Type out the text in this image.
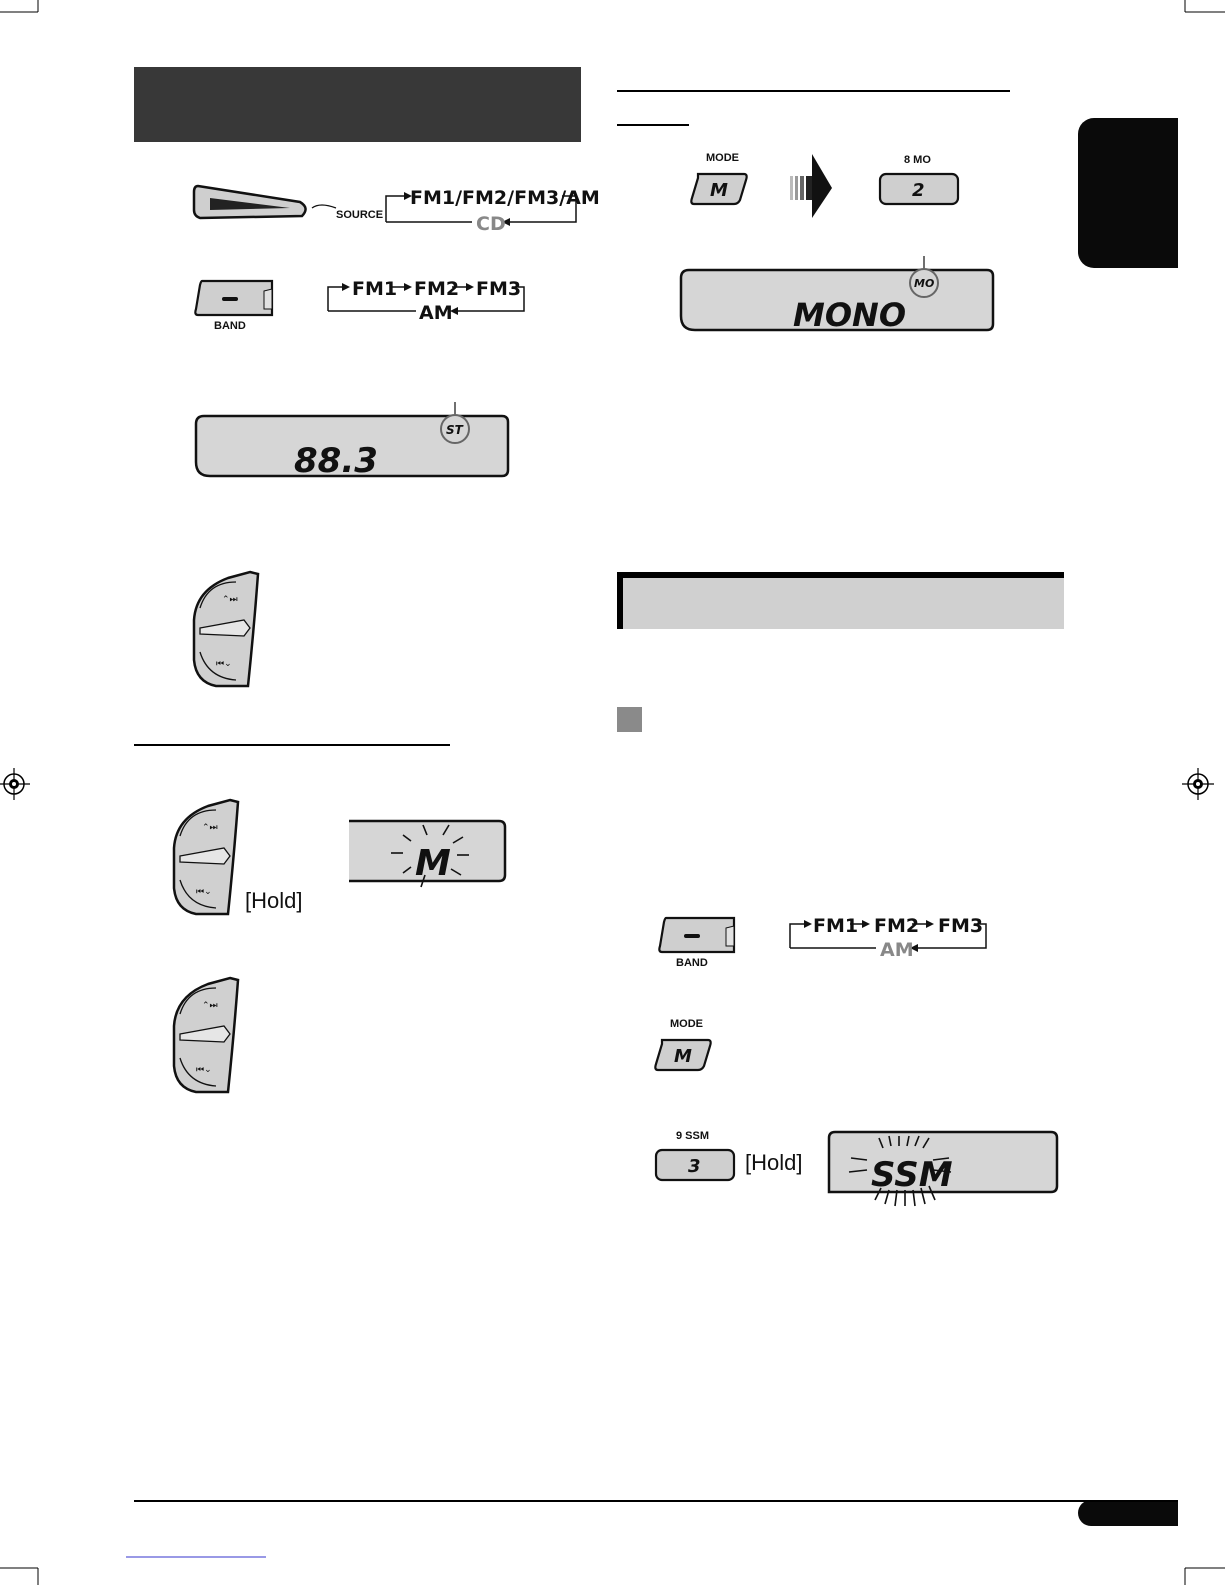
SOURCE
FM1/FM2/FM3/AM
CD
BAND
FM1 FM2 FM3
AM
ST
88.3
⌃⏭
⏮⌄
⌃⏭
⏮⌄ [Hold]
M
⌃⏭
⏮⌄
MODE
M
8 MO
2
MO
MONO
BAND
FM1 FM2 FM3
AM
MODE
M
9 SSM
3 [Hold] SSM
